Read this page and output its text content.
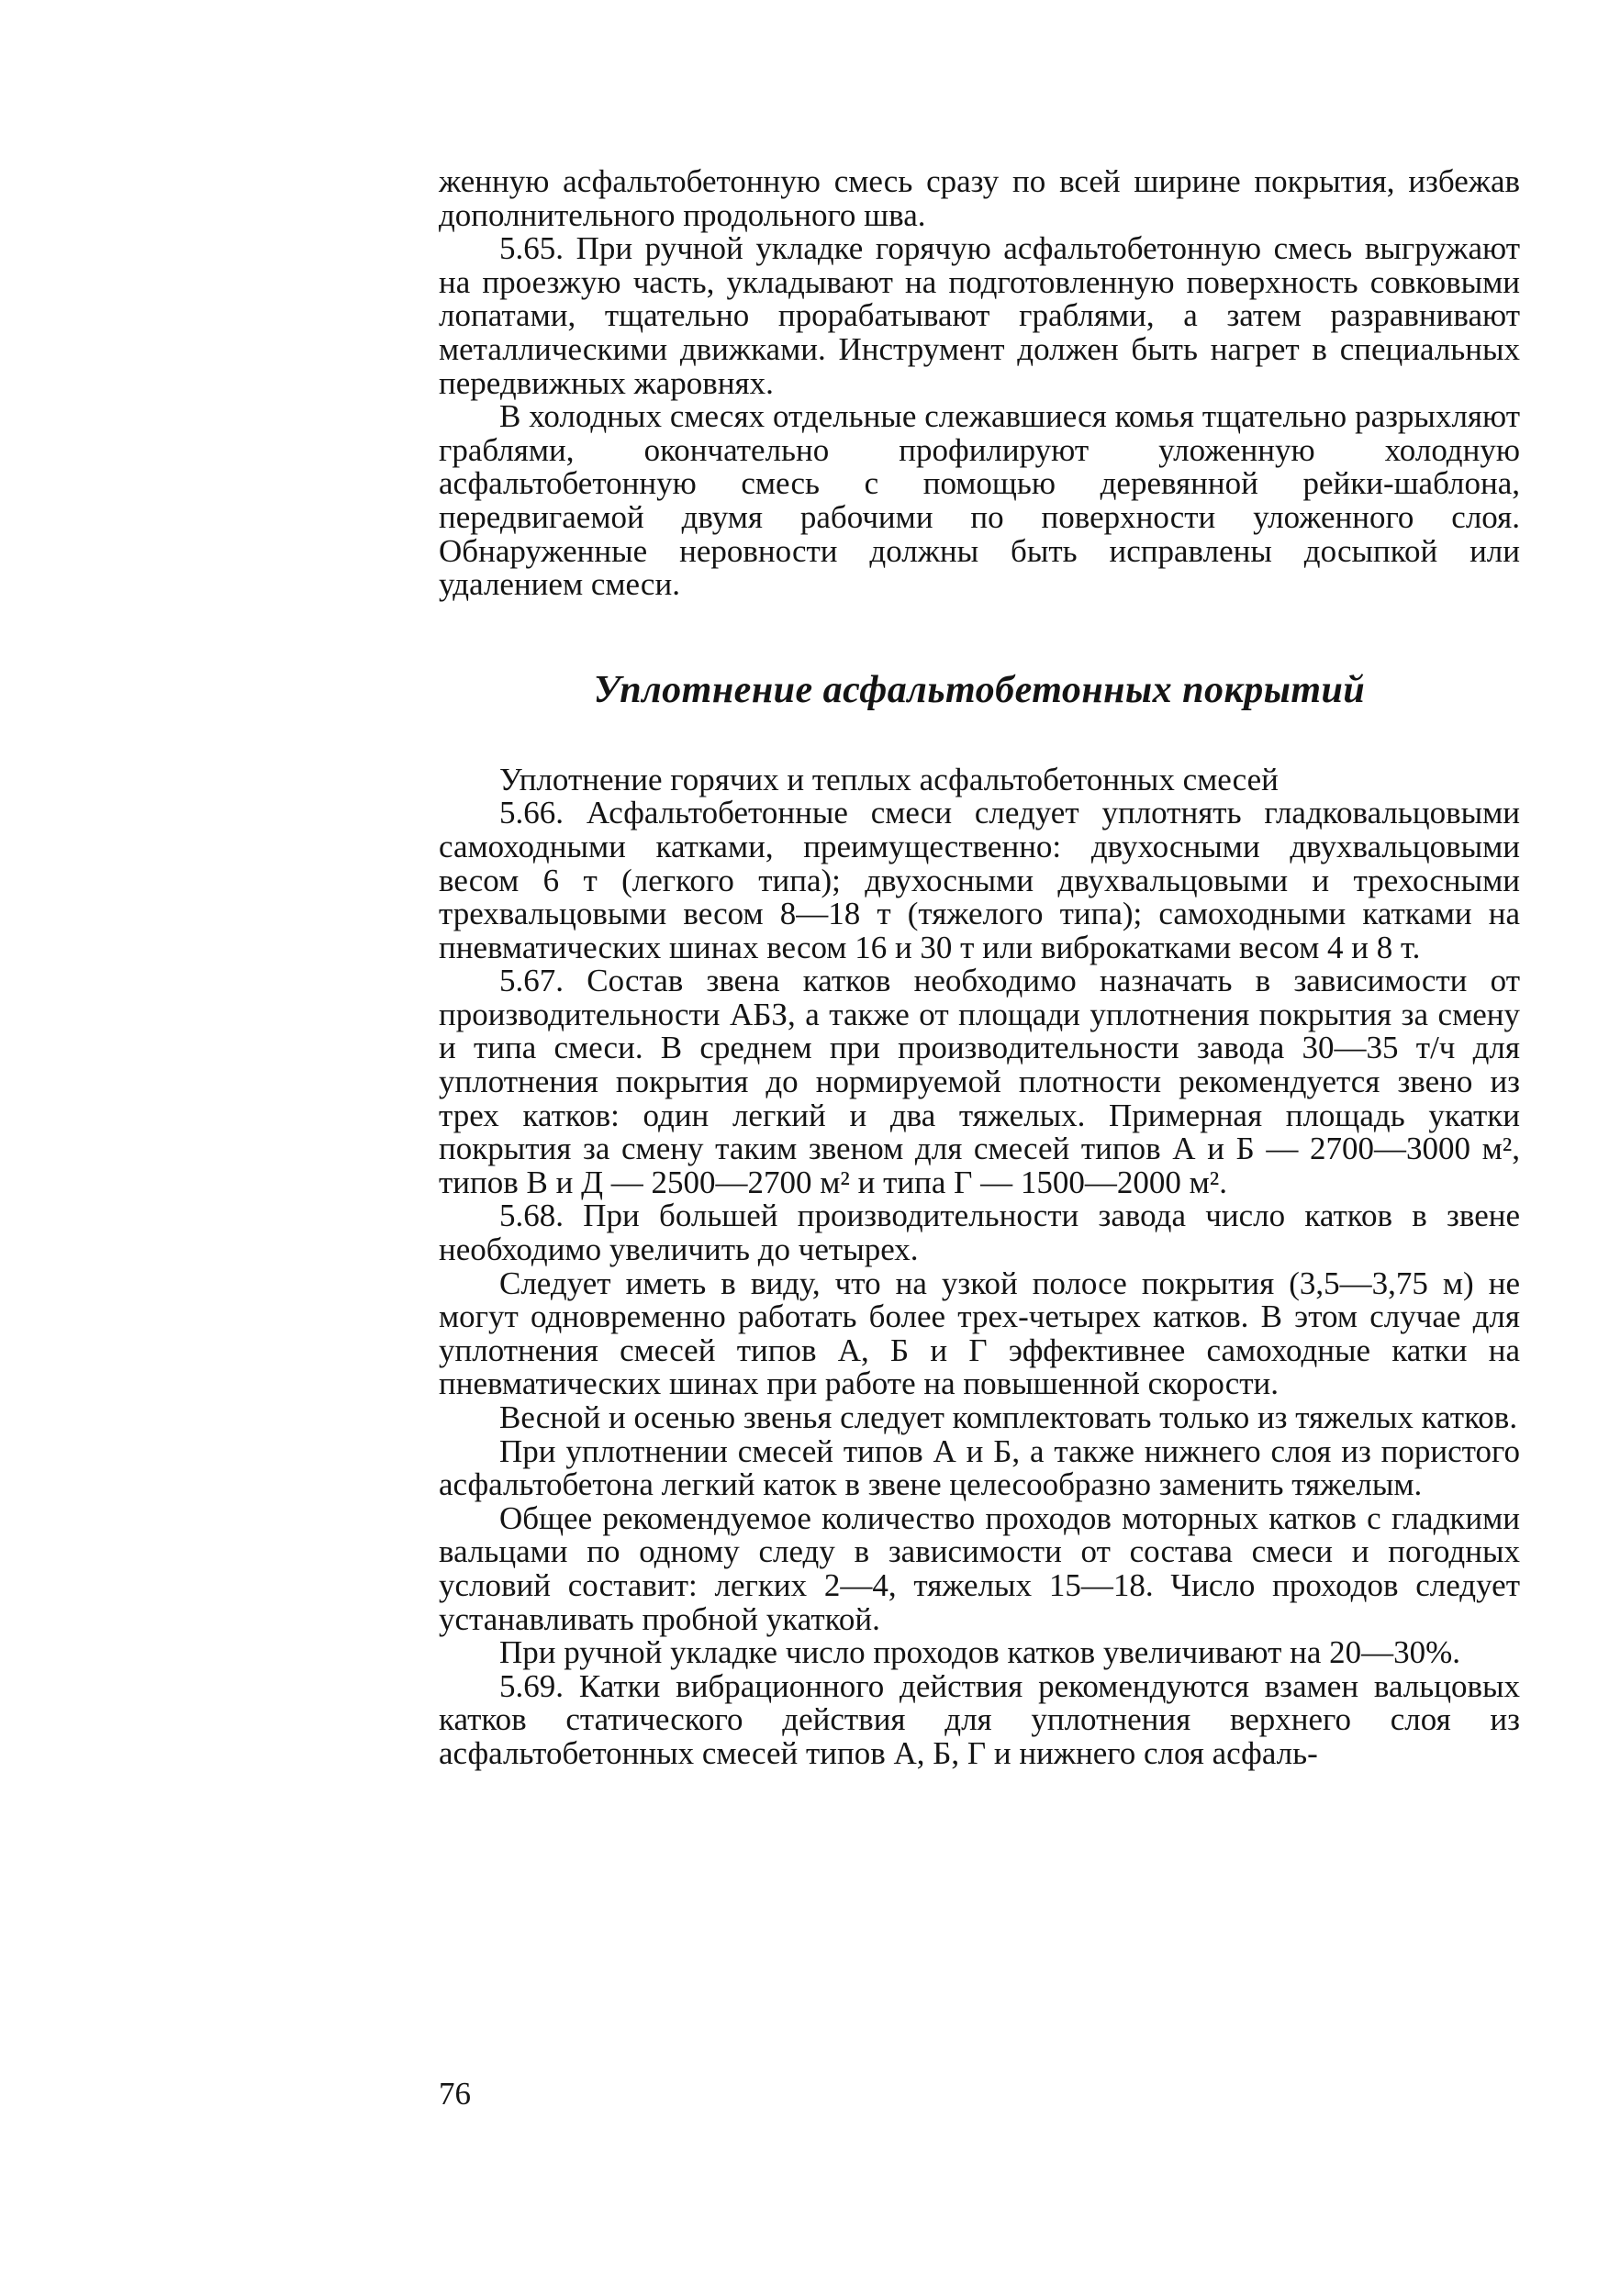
женную асфальтобетонную смесь сразу по всей ширине покрытия, избежав дополнительного продольного шва.

5.65. При ручной укладке горячую асфальтобетонную смесь выгружают на проезжую часть, укладывают на подготовленную поверхность совковыми лопатами, тщательно прорабатывают граблями, а затем разравнивают металлическими движками. Инструмент должен быть нагрет в специальных передвижных жаровнях.

В холодных смесях отдельные слежавшиеся комья тщательно разрыхляют граблями, окончательно профилируют уложенную холодную асфальтобетонную смесь с помощью деревянной рейки-шаблона, передвигаемой двумя рабочими по поверхности уложенного слоя. Обнаруженные неровности должны быть исправлены досыпкой или удалением смеси.

Уплотнение асфальтобетонных покрытий

Уплотнение горячих и теплых асфальтобетонных смесей

5.66. Асфальтобетонные смеси следует уплотнять гладковальцовыми самоходными катками, преимущественно: двухосными двухвальцовыми весом 6 т (легкого типа); двухосными двухвальцовыми и трехосными трехвальцовыми весом 8—18 т (тяжелого типа); самоходными катками на пневматических шинах весом 16 и 30 т или виброкатками весом 4 и 8 т.

5.67. Состав звена катков необходимо назначать в зависимости от производительности АБЗ, а также от площади уплотнения покрытия за смену и типа смеси. В среднем при производительности завода 30—35 т/ч для уплотнения покрытия до нормируемой плотности рекомендуется звено из трех катков: один легкий и два тяжелых. Примерная площадь укатки покрытия за смену таким звеном для смесей типов А и Б — 2700—3000 м², типов В и Д — 2500—2700 м² и типа Г — 1500—2000 м².

5.68. При большей производительности завода число катков в звене необходимо увеличить до четырех.

Следует иметь в виду, что на узкой полосе покрытия (3,5—3,75 м) не могут одновременно работать более трех-четырех катков. В этом случае для уплотнения смесей типов А, Б и Г эффективнее самоходные катки на пневматических шинах при работе на повышенной скорости.

Весной и осенью звенья следует комплектовать только из тяжелых катков.

При уплотнении смесей типов А и Б, а также нижнего слоя из пористого асфальтобетона легкий каток в звене целесообразно заменить тяжелым.

Общее рекомендуемое количество проходов моторных катков с гладкими вальцами по одному следу в зависимости от состава смеси и погодных условий составит: легких 2—4, тяжелых 15—18. Число проходов следует устанавливать пробной укаткой.

При ручной укладке число проходов катков увеличивают на 20—30%.

5.69. Катки вибрационного действия рекомендуются взамен вальцовых катков статического действия для уплотнения верхнего слоя из асфальтобетонных смесей типов А, Б, Г и нижнего слоя асфаль-

76
